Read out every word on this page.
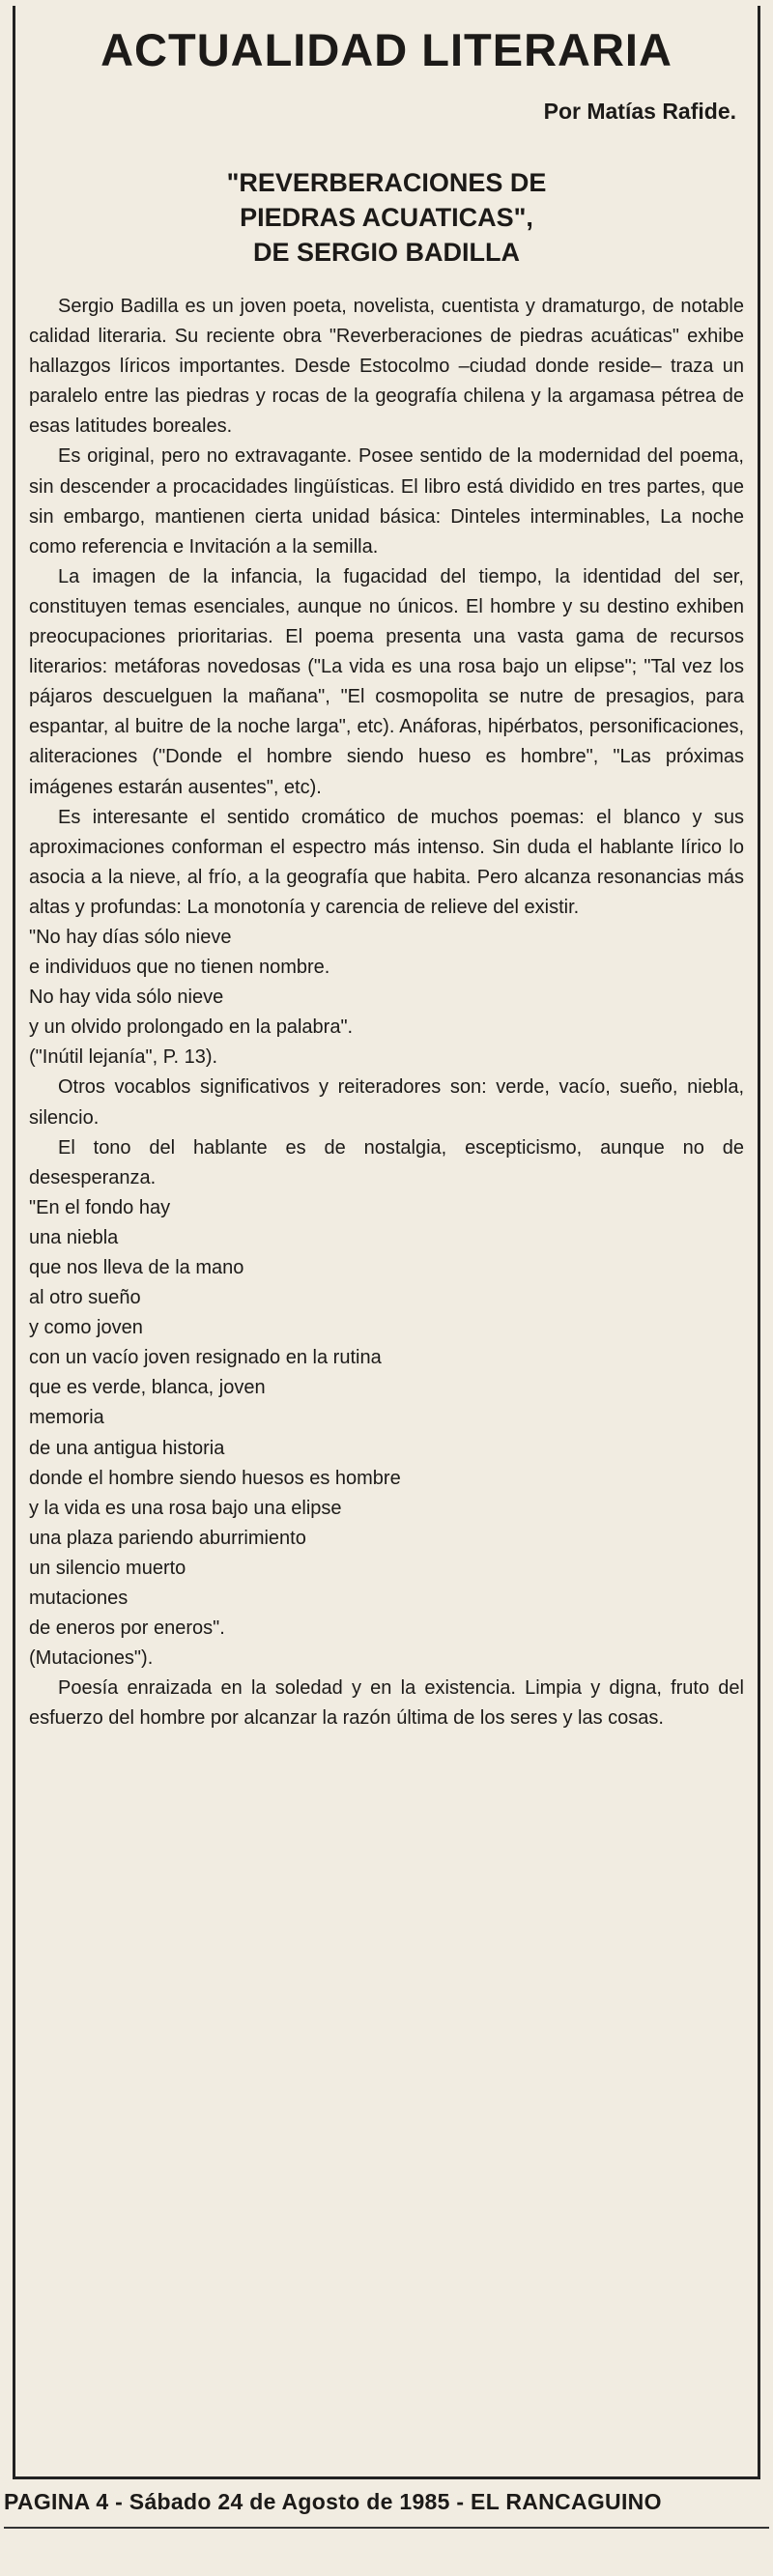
ACTUALIDAD LITERARIA

Por Matías Rafide.

"REVERBERACIONES DE
PIEDRAS ACUATICAS",
DE SERGIO BADILLA

Sergio Badilla es un joven poeta, novelista, cuentista y dramaturgo, de notable calidad literaria. Su reciente obra "Reverberaciones de piedras acuáticas" exhibe hallazgos líricos importantes. Desde Estocolmo –ciudad donde reside– traza un paralelo entre las piedras y rocas de la geografía chilena y la argamasa pétrea de esas latitudes boreales.

Es original, pero no extravagante. Posee sentido de la modernidad del poema, sin descender a procacidades lingüísticas. El libro está dividido en tres partes, que sin embargo, mantienen cierta unidad básica: Dinteles interminables, La noche como referencia e Invitación a la semilla.

La imagen de la infancia, la fugacidad del tiempo, la identidad del ser, constituyen temas esenciales, aunque no únicos. El hombre y su destino exhiben preocupaciones prioritarias. El poema presenta una vasta gama de recursos literarios: metáforas novedosas ("La vida es una rosa bajo un elipse"; "Tal vez los pájaros descuelguen la mañana", "El cosmopolita se nutre de presagios, para espantar, al buitre de la noche larga", etc). Anáforas, hipérbatos, personificaciones, aliteraciones ("Donde el hombre siendo hueso es hombre", "Las próximas imágenes estarán ausentes", etc).

Es interesante el sentido cromático de muchos poemas: el blanco y sus aproximaciones conforman el espectro más intenso. Sin duda el hablante lírico lo asocia a la nieve, al frío, a la geografía que habita. Pero alcanza resonancias más altas y profundas: La monotonía y carencia de relieve del existir.

"No hay días sólo nieve
e individuos que no tienen nombre.
No hay vida sólo nieve
y un olvido prolongado en la palabra".
("Inútil lejanía", P. 13).

Otros vocablos significativos y reiteradores son: verde, vacío, sueño, niebla, silencio.

El tono del hablante es de nostalgia, escepticismo, aunque no de desesperanza.

"En el fondo hay
una niebla
que nos lleva de la mano
al otro sueño
y como joven
con un vacío joven resignado en la rutina
que es verde, blanca, joven
memoria
de una antigua historia
donde el hombre siendo huesos es hombre
y la vida es una rosa bajo una elipse
una plaza pariendo aburrimiento
un silencio muerto
mutaciones
de eneros por eneros".
(Mutaciones").

Poesía enraizada en la soledad y en la existencia. Limpia y digna, fruto del esfuerzo del hombre por alcanzar la razón última de los seres y las cosas.

PAGINA 4 - Sábado 24 de Agosto de 1985 - EL RANCAGUINO
